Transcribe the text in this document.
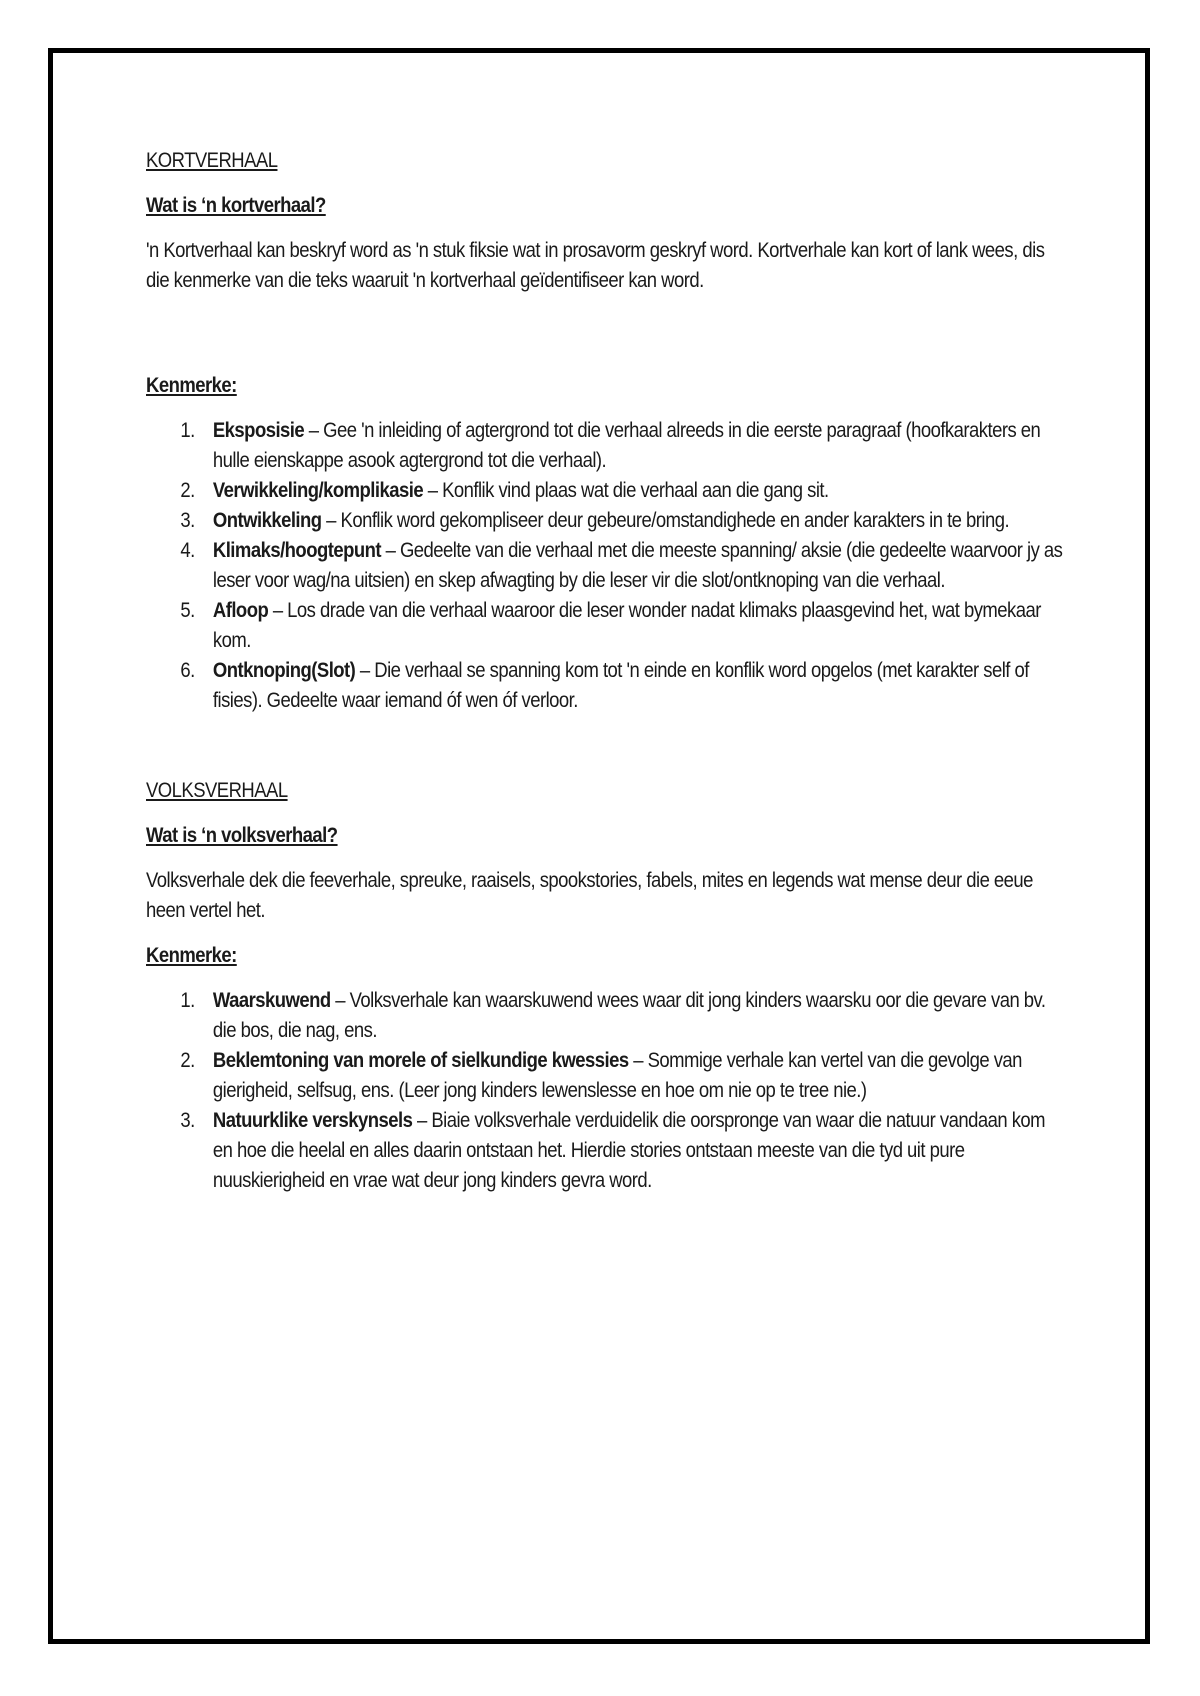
KORTVERHAAL

Wat is ‘n kortverhaal?

'n Kortverhaal kan beskryf word as 'n stuk fiksie wat in prosavorm geskryf word. Kortverhale kan kort of lank wees, dis die kenmerke van die teks waaruit 'n kortverhaal geïdentifiseer kan word.

Kenmerke:

1. Eksposisie – Gee 'n inleiding of agtergrond tot die verhaal alreeds in die eerste paragraaf (hoofkarakters en hulle eienskappe asook agtergrond tot die verhaal).
2. Verwikkeling/komplikasie – Konflik vind plaas wat die verhaal aan die gang sit.
3. Ontwikkeling – Konflik word gekompliseer deur gebeure/omstandighede en ander karakters in te bring.
4. Klimaks/hoogtepunt – Gedeelte van die verhaal met die meeste spanning/ aksie (die gedeelte waarvoor jy as leser voor wag/na uitsien) en skep afwagting by die leser vir die slot/ontknoping van die verhaal.
5. Afloop – Los drade van die verhaal waaroor die leser wonder nadat klimaks plaasgevind het, wat bymekaar kom.
6. Ontknoping(Slot) – Die verhaal se spanning kom tot 'n einde en konflik word opgelos (met karakter self of fisies). Gedeelte waar iemand óf wen óf verloor.

VOLKSVERHAAL

Wat is ‘n volksverhaal?

Volksverhale dek die feeverhale, spreuke, raaisels, spookstories, fabels, mites en legends wat mense deur die eeue heen vertel het.

Kenmerke:

1. Waarskuwend – Volksverhale kan waarskuwend wees waar dit jong kinders waarsku oor die gevare van bv. die bos, die nag, ens.
2. Beklemtoning van morele of sielkundige kwessies – Sommige verhale kan vertel van die gevolge van gierigheid, selfsug, ens. (Leer jong kinders lewenslesse en hoe om nie op te tree nie.)
3. Natuurklike verskynsels – Biaie volksverhale verduidelik die oorspronge van waar die natuur vandaan kom en hoe die heelal en alles daarin ontstaan het. Hierdie stories ontstaan meeste van die tyd uit pure nuuskierigheid en vrae wat deur jong kinders gevra word.
